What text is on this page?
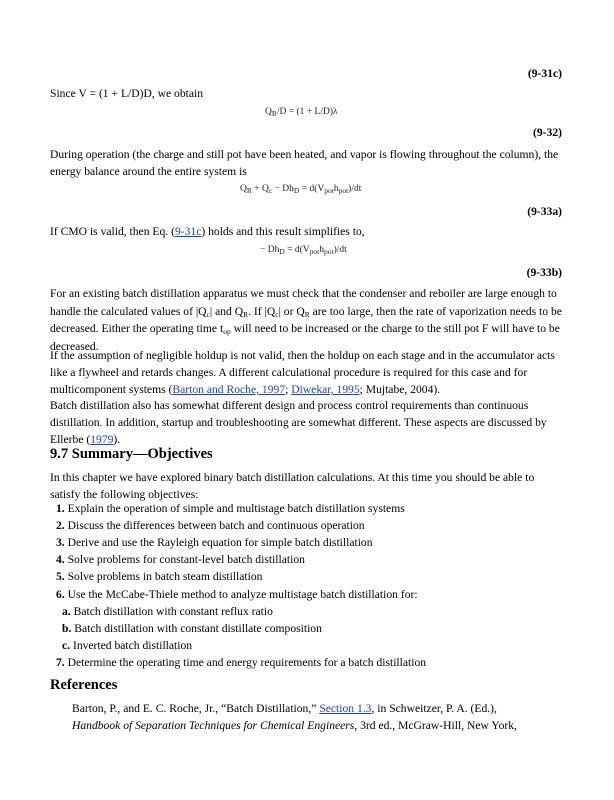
(9-31c)
Since V = (1 + L/D)D, we obtain
$Q_R/D = (1 + L/D)\lambda$
(9-32)
During operation (the charge and still pot have been heated, and vapor is flowing throughout the column), the energy balance around the entire system is
$Q_R + Q_c - Dh_D = d(V_{pot}h_{pot})/dt$
(9-33a)
If CMO is valid, then Eq. (9-31c) holds and this result simplifies to,
− $Dh_D = d(V_{pot}h_{pot})/dt$
(9-33b)
For an existing batch distillation apparatus we must check that the condenser and reboiler are large enough to handle the calculated values of $|Q_c|$ and $Q_R$. If $|Q_c|$ or $Q_R$ are too large, then the rate of vaporization needs to be decreased. Either the operating time $t_{op}$ will need to be increased or the charge to the still pot F will have to be decreased.
If the assumption of negligible holdup is not valid, then the holdup on each stage and in the accumulator acts like a flywheel and retards changes. A different calculational procedure is required for this case and for multicomponent systems (Barton and Roche, 1997; Diwekar, 1995; Mujtabe, 2004).
Batch distillation also has somewhat different design and process control requirements than continuous distillation. In addition, startup and troubleshooting are somewhat different. These aspects are discussed by Ellerbe (1979).
9.7 Summary—Objectives
In this chapter we have explored binary batch distillation calculations. At this time you should be able to satisfy the following objectives:
1. Explain the operation of simple and multistage batch distillation systems
2. Discuss the differences between batch and continuous operation
3. Derive and use the Rayleigh equation for simple batch distillation
4. Solve problems for constant-level batch distillation
5. Solve problems in batch steam distillation
6. Use the McCabe-Thiele method to analyze multistage batch distillation for:
a. Batch distillation with constant reflux ratio
b. Batch distillation with constant distillate composition
c. Inverted batch distillation
7. Determine the operating time and energy requirements for a batch distillation
References
Barton, P., and E. C. Roche, Jr., “Batch Distillation,” Section 1.3, in Schweitzer, P. A. (Ed.),
Handbook of Separation Techniques for Chemical Engineers, 3rd ed., McGraw-Hill, New York,
